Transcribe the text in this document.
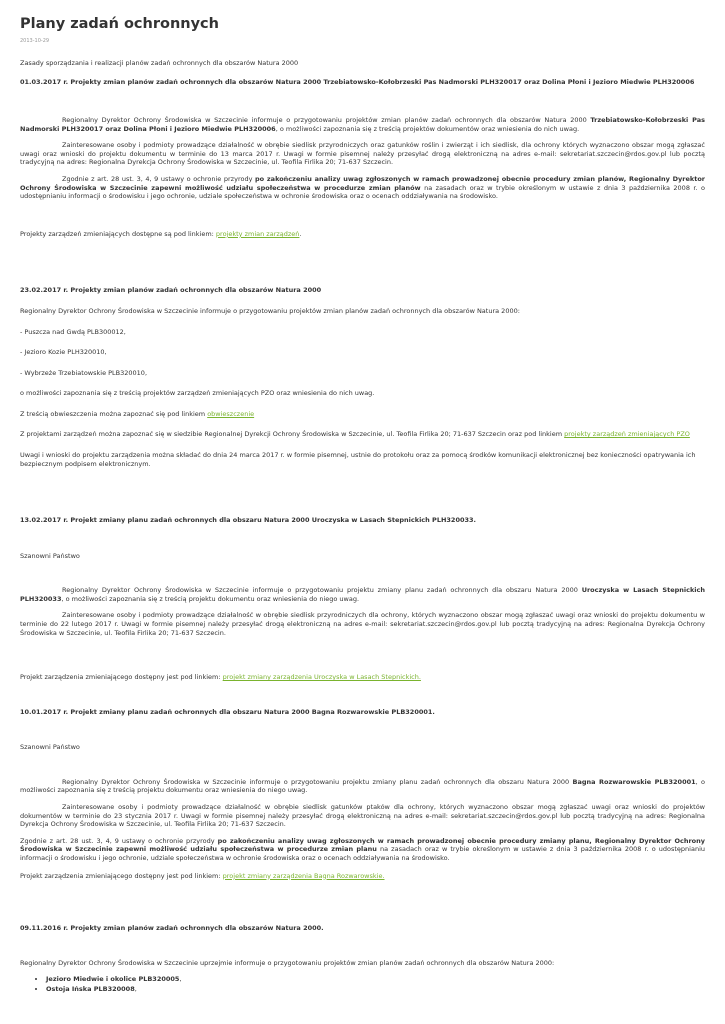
Plany zadań ochronnych
2013-10-29

Zasady sporządzania i realizacji planów zadań ochronnych dla obszarów Natura 2000

01.03.2017 r. Projekty zmian planów zadań ochronnych dla obszarów Natura 2000 Trzebiatowsko-Kołobrzeski Pas Nadmorski PLH320017 oraz Dolina Płoni i Jezioro Miedwie PLH320006

Regionalny Dyrektor Ochrony Środowiska w Szczecinie informuje o przygotowaniu projektów zmian planów zadań ochronnych dla obszarów Natura 2000 Trzebiatowsko-Kołobrzeski Pas Nadmorski PLH320017 oraz Dolina Płoni i Jezioro Miedwie PLH320006, o możliwości zapoznania się z treścią projektów dokumentów oraz wniesienia do nich uwag.

Zainteresowane osoby i podmioty prowadzące działalność w obrębie siedlisk przyrodniczych oraz gatunków roślin i zwierząt i ich siedlisk, dla ochrony których wyznaczono obszar mogą zgłaszać uwagi oraz wnioski do projektu dokumentu w terminie do 13 marca 2017 r. Uwagi w formie pisemnej należy przesyłać drogą elektroniczną na adres e-mail: sekretariat.szczecin@rdos.gov.pl lub pocztą tradycyjną na adres: Regionalna Dyrekcja Ochrony Środowiska w Szczecinie, ul. Teofila Firlika 20; 71-637 Szczecin.

Zgodnie z art. 28 ust. 3, 4, 9 ustawy o ochronie przyrody po zakończeniu analizy uwag zgłoszonych w ramach prowadzonej obecnie procedury zmian planów, Regionalny Dyrektor Ochrony Środowiska w Szczecinie zapewni możliwość udziału społeczeństwa w procedurze zmian planów na zasadach oraz w trybie określonym w ustawie z dnia 3 października 2008 r. o udostępnianiu informacji o środowisku i jego ochronie, udziale społeczeństwa w ochronie środowiska oraz o ocenach oddziaływania na środowisko.

Projekty zarządzeń zmieniających dostępne są pod linkiem: projekty zmian zarządzeń.

23.02.2017 r. Projekty zmian planów zadań ochronnych dla obszarów Natura 2000

Regionalny Dyrektor Ochrony Środowiska w Szczecinie informuje o przygotowaniu projektów zmian planów zadań ochronnych dla obszarów Natura 2000:

- Puszcza nad Gwdą PLB300012,

- Jezioro Kozie PLH320010,

- Wybrzeże Trzebiatowskie PLB320010,

o możliwości zapoznania się z treścią projektów zarządzeń zmieniających PZO oraz wniesienia do nich uwag.

Z treścią obwieszczenia można zapoznać się pod linkiem obwieszczenie

Z projektami zarządzeń można zapoznać się w siedzibie Regionalnej Dyrekcji Ochrony Środowiska w Szczecinie, ul. Teofila Firlika 20; 71-637 Szczecin oraz pod linkiem projekty zarządzeń zmieniających PZO

Uwagi i wnioski do projektu zarządzenia można składać do dnia 24 marca 2017 r. w formie pisemnej, ustnie do protokołu oraz za pomocą środków komunikacji elektronicznej bez konieczności opatrywania ich bezpiecznym podpisem elektronicznym.

13.02.2017 r. Projekt zmiany planu zadań ochronnych dla obszaru Natura 2000 Uroczyska w Lasach Stepnickich PLH320033.

Szanowni Państwo

Regionalny Dyrektor Ochrony Środowiska w Szczecinie informuje o przygotowaniu projektu zmiany planu zadań ochronnych dla obszaru Natura 2000 Uroczyska w Lasach Stepnickich PLH320033, o możliwości zapoznania się z treścią projektu dokumentu oraz wniesienia do niego uwag.

Zainteresowane osoby i podmioty prowadzące działalność w obrębie siedlisk przyrodniczych dla ochrony, których wyznaczono obszar mogą zgłaszać uwagi oraz wnioski do projektu dokumentu w terminie do 22 lutego 2017 r. Uwagi w formie pisemnej należy przesyłać drogą elektroniczną na adres e-mail: sekretariat.szczecin@rdos.gov.pl lub pocztą tradycyjną na adres: Regionalna Dyrekcja Ochrony Środowiska w Szczecinie, ul. Teofila Firlika 20; 71-637 Szczecin.

Projekt zarządzenia zmieniającego dostępny jest pod linkiem: projekt zmiany zarządzenia Uroczyska w Lasach Stepnickich.

10.01.2017 r. Projekt zmiany planu zadań ochronnych dla obszaru Natura 2000 Bagna Rozwarowskie PLB320001.

Szanowni Państwo

Regionalny Dyrektor Ochrony Środowiska w Szczecinie informuje o przygotowaniu projektu zmiany planu zadań ochronnych dla obszaru Natura 2000 Bagna Rozwarowskie PLB320001, o możliwości zapoznania się z treścią projektu dokumentu oraz wniesienia do niego uwag.

Zainteresowane osoby i podmioty prowadzące działalność w obrębie siedlisk gatunków ptaków dla ochrony, których wyznaczono obszar mogą zgłaszać uwagi oraz wnioski do projektów dokumentów w terminie do 23 stycznia 2017 r. Uwagi w formie pisemnej należy przesyłać drogą elektroniczną na adres e-mail: sekretariat.szczecin@rdos.gov.pl lub pocztą tradycyjną na adres: Regionalna Dyrekcja Ochrony Środowiska w Szczecinie, ul. Teofila Firlika 20; 71-637 Szczecin.

Zgodnie z art. 28 ust. 3, 4, 9 ustawy o ochronie przyrody po zakończeniu analizy uwag zgłoszonych w ramach prowadzonej obecnie procedury zmiany planu, Regionalny Dyrektor Ochrony Środowiska w Szczecinie zapewni możliwość udziału społeczeństwa w procedurze zmian planu na zasadach oraz w trybie określonym w ustawie z dnia 3 października 2008 r. o udostępnianiu informacji o środowisku i jego ochronie, udziale społeczeństwa w ochronie środowiska oraz o ocenach oddziaływania na środowisko.

Projekt zarządzenia zmieniającego dostępny jest pod linkiem: projekt zmiany zarządzenia Bagna Rozwarowskie.

09.11.2016 r. Projekty zmian planów zadań ochronnych dla obszarów Natura 2000.

Regionalny Dyrektor Ochrony Środowiska w Szczecinie uprzejmie informuje o przygotowaniu projektów zmian planów zadań ochronnych dla obszarów Natura 2000:

• Jezioro Miedwie i okolice PLB320005,
• Ostoja Ińska PLB320008,
